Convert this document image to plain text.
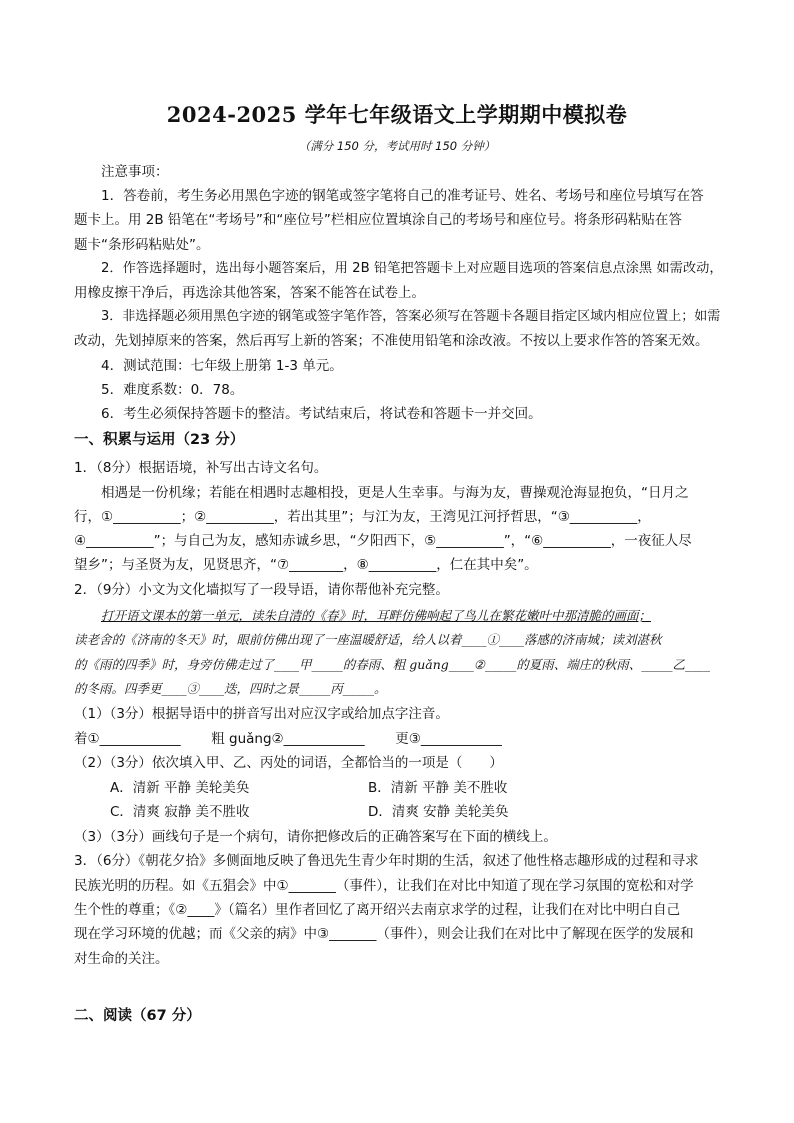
2024-2025 学年七年级语文上学期期中模拟卷
（满分 150 分，考试用时 150 分钟）
注意事项：
1．答卷前，考生务必用黑色字迹的钢笔或签字笔将自己的准考证号、姓名、考场号和座位号填写在答
题卡上。用 2B 铅笔在“考场号”和“座位号”栏相应位置填涂自己的考场号和座位号。将条形码粘贴在答
题卡“条形码粘贴处”。
2．作答选择题时，选出每小题答案后，用 2B 铅笔把答题卡上对应题目选项的答案信息点涂黑 如需改动，
用橡皮擦干净后，再选涂其他答案，答案不能答在试卷上。
3．非选择题必须用黑色字迹的钢笔或签字笔作答，答案必须写在答题卡各题目指定区域内相应位置上；如需
改动，先划掉原来的答案，然后再写上新的答案；不准使用铅笔和涂改液。不按以上要求作答的答案无效。
4．测试范围：七年级上册第 1-3 单元。
5．难度系数：0．78。
6．考生必须保持答题卡的整洁。考试结束后，将试卷和答题卡一并交回。
一、积累与运用（23 分）
1．（8分）根据语境，补写出古诗文名句。
相遇是一份机缘；若能在相遇时志趣相投，更是人生幸事。与海为友，曹操观沧海显抱负，“日月之
行，①__________；②__________，若出其里”；与江为友，王湾见江河抒哲思，“③__________，
④__________”；与自己为友，感知赤诚乡思，“夕阳西下，⑤__________”，“⑥__________，一夜征人尽
望乡”；与圣贤为友，见贤思齐，“⑦________，⑧__________，仁在其中矣”。
2．（9分）小文为文化墙拟写了一段导语，请你帮他补充完整。
打开语文课本的第一单元，读朱自清的《春》时，耳畔仿佛响起了鸟儿在繁花嫩叶中那清脆的画面；
读老舍的《济南的冬天》时，眼前仿佛出现了一座温暖舒适，给人以着____①____落感的济南城；读刘湛秋
的《雨的四季》时，身旁仿佛走过了____甲_____的春雨、粗 guǎng____②_____的夏雨、端庄的秋雨、_____乙____
的冬雨。四季更____③____迭，四时之景_____丙_____。
（1）（3分）根据导语中的拼音写出对应汉字或给加点字注音。
着①____________ 粗 guǎng②____________ 更③____________
（2）（3分）依次填入甲、乙、丙处的词语，全都恰当的一项是（　　）
A．清新 平静 美轮美奂	B．清新 平静 美不胜收
C．清爽 寂静 美不胜收	D．清爽 安静 美轮美奂
（3）（3分）画线句子是一个病句，请你把修改后的正确答案写在下面的横线上。
3．（6分）《朝花夕拾》多侧面地反映了鲁迅先生青少年时期的生活，叙述了他性格志趣形成的过程和寻求
民族光明的历程。如《五猖会》中①_______（事件），让我们在对比中知道了现在学习氛围的宽松和对学
生个性的尊重；《②____》（篇名）里作者回忆了离开绍兴去南京求学的过程，让我们在对比中明白自己
现在学习环境的优越；而《父亲的病》中③_______（事件），则会让我们在对比中了解现在医学的发展和
对生命的关注。
二、阅读（67 分）
